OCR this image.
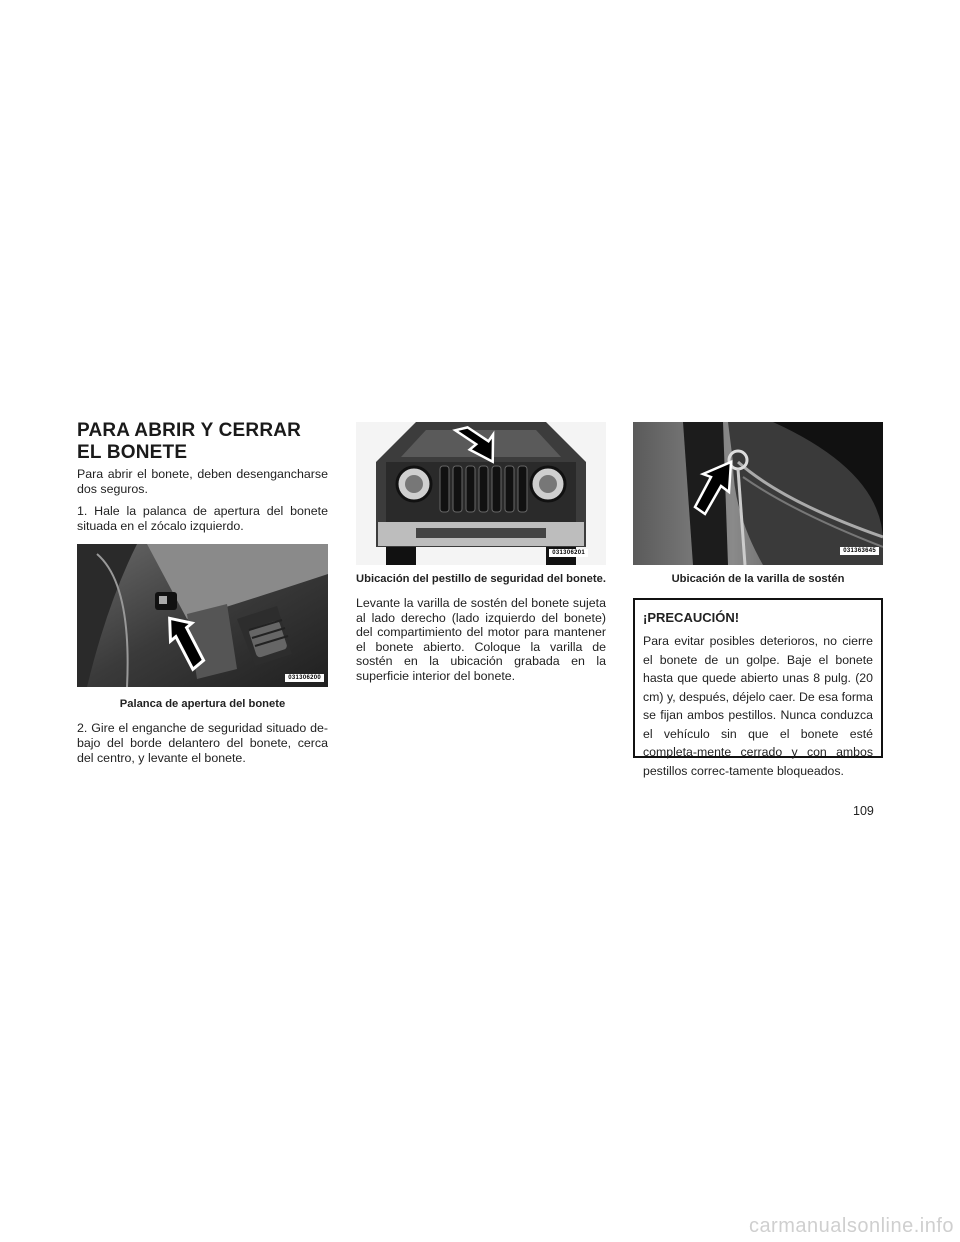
PARA ABRIR Y CERRAR EL BONETE

Para abrir el bonete, deben desengancharse dos seguros.

1. Hale la palanca de apertura del bonete situada en el zócalo izquierdo.

031306200
Palanca de apertura del bonete

2. Gire el enganche de seguridad situado de-bajo del borde delantero del bonete, cerca del centro, y levante el bonete.

031306201
Ubicación del pestillo de seguridad del bonete.

Levante la varilla de sostén del bonete sujeta al lado derecho (lado izquierdo del bonete) del compartimiento del motor para mantener el bonete abierto. Coloque la varilla de sostén en la ubicación grabada en la superficie interior del bonete.

031363645
Ubicación de la varilla de sostén
¡PRECAUCIÓN!
Para evitar posibles deterioros, no cierre el bonete de un golpe. Baje el bonete hasta que quede abierto unas 8 pulg. (20 cm) y, después, déjelo caer. De esa forma se fijan ambos pestillos. Nunca conduzca el vehículo sin que el bonete esté completa-mente cerrado y con ambos pestillos correc-tamente bloqueados.
109
carmanualsonline.info
